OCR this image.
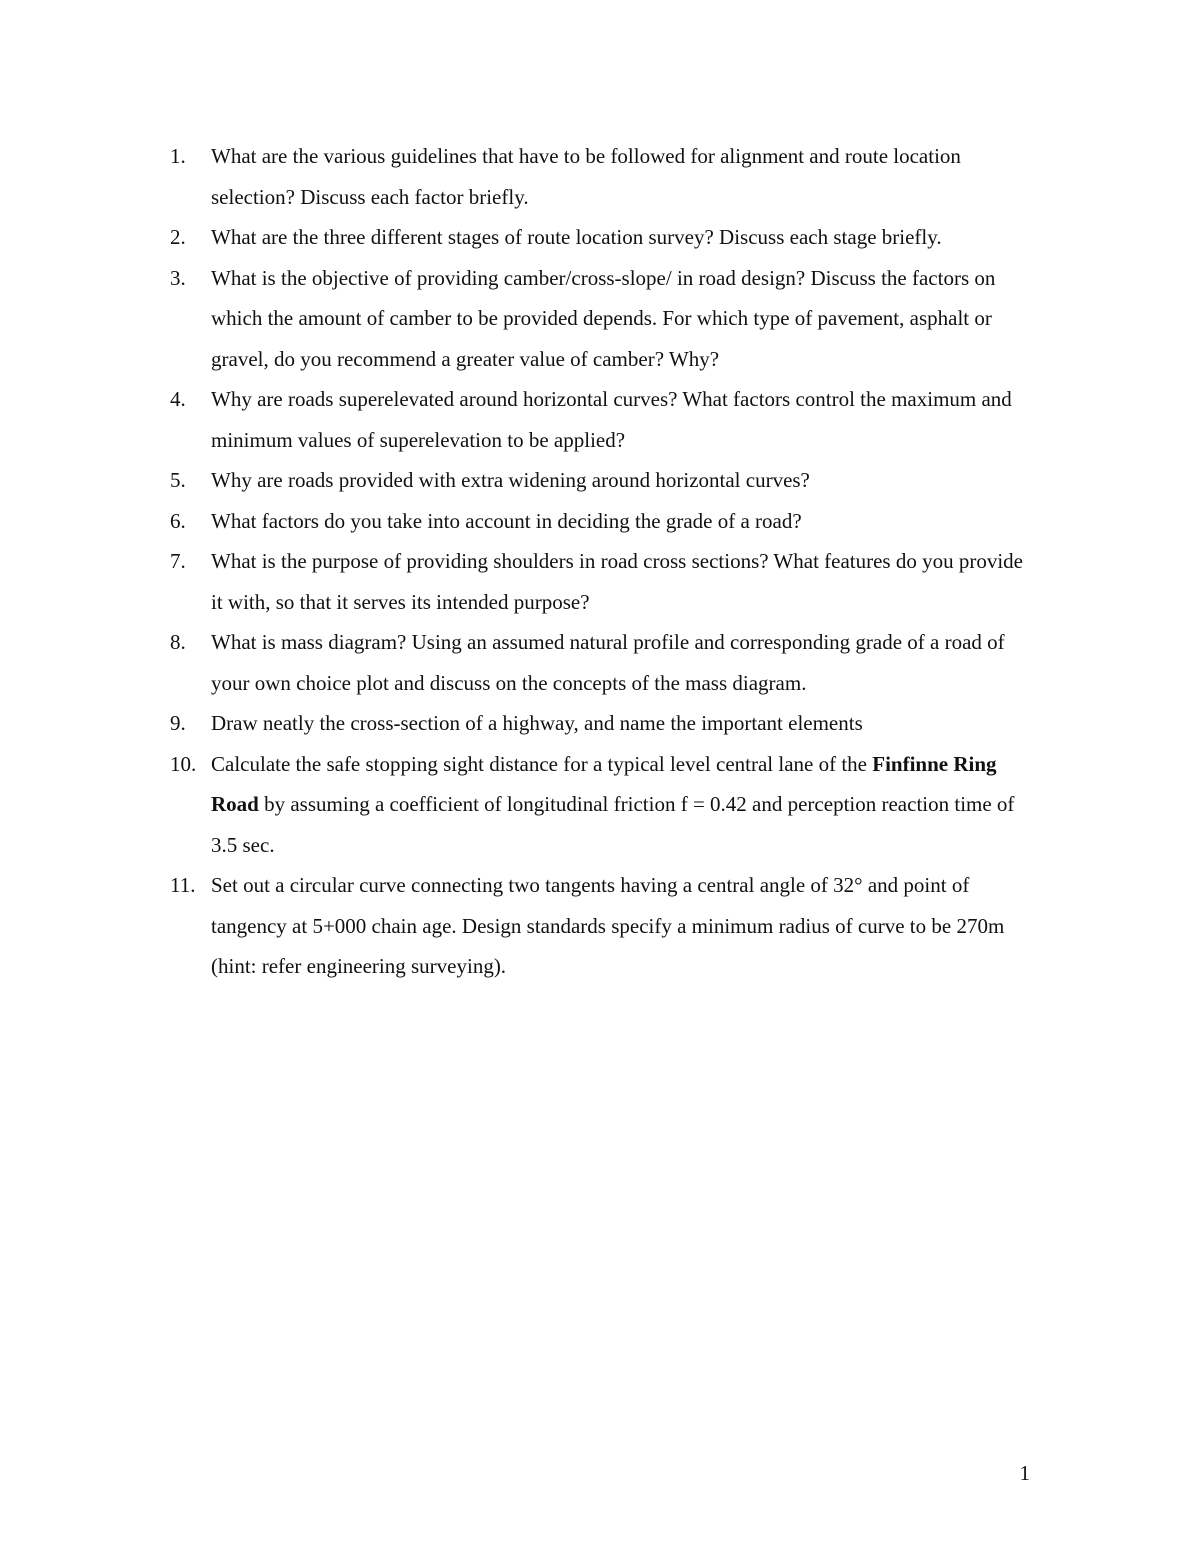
1.	What are the various guidelines that have to be followed for alignment and route location selection? Discuss each factor briefly.
2.	What are the three different stages of route location survey? Discuss each stage briefly.
3.	What is the objective of providing camber/cross-slope/ in road design? Discuss the factors on which the amount of camber to be provided depends. For which type of pavement, asphalt or gravel, do you recommend a greater value of camber? Why?
4.	Why are roads superelevated around horizontal curves? What factors control the maximum and minimum values of superelevation to be applied?
5.	Why are roads provided with extra widening around horizontal curves?
6.	What factors do you take into account in deciding the grade of a road?
7.	What is the purpose of providing shoulders in road cross sections? What features do you provide it with, so that it serves its intended purpose?
8.	What is mass diagram? Using an assumed natural profile and corresponding grade of a road of your own choice plot and discuss on the concepts of the mass diagram.
9.	Draw neatly the cross-section of a highway, and name the important elements
10. Calculate the safe stopping sight distance for a typical level central lane of the Finfinne Ring Road by assuming a coefficient of longitudinal friction f = 0.42 and perception reaction time of 3.5 sec.
11. Set out a circular curve connecting two tangents having a central angle of 32° and point of tangency at 5+000 chain age. Design standards specify a minimum radius of curve to be 270m (hint: refer engineering surveying).
1
